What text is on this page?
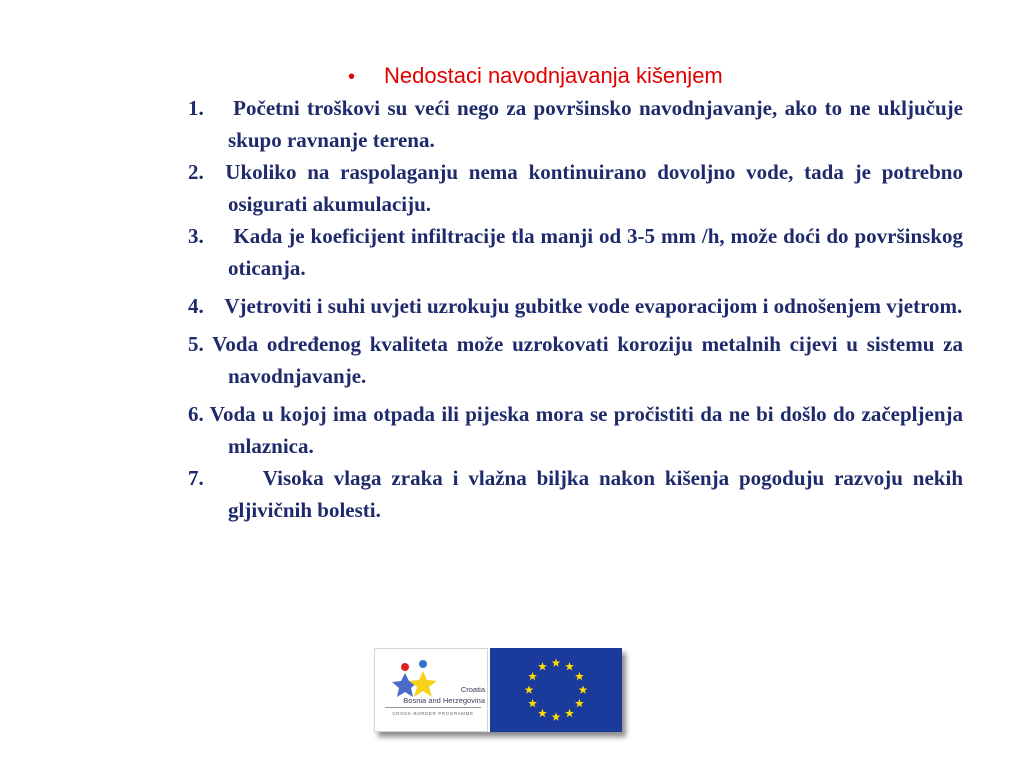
• Nedostaci navodnjavanja kišenjem
1.    Početni troškovi su veći nego za površinsko navodnjavanje, ako to ne uključuje skupo ravnanje terena.
2.  Ukoliko na raspolaganju nema kontinuirano dovoljno vode, tada je potrebno osigurati akumulaciju.
3.     Kada je koeficijent infiltracije tla manji od 3-5 mm /h, može doći do površinskog oticanja.
4.    Vjetroviti i suhi uvjeti uzrokuju gubitke vode evaporacijom i odnošenjem vjetrom.
5. Voda određenog kvaliteta može uzrokovati koroziju metalnih cijevi u sistemu za navodnjavanje.
6. Voda u kojoj ima otpada ili pijeska mora se pročistiti da ne bi došlo do začepljenja mlaznica.
7.      Visoka vlaga zraka i vlažna biljka nakon kišenja pogoduju razvoju nekih gljivičnih bolesti.
Croatia
Bosnia and Herzegovina
CROSS-BORDER PROGRAMME
